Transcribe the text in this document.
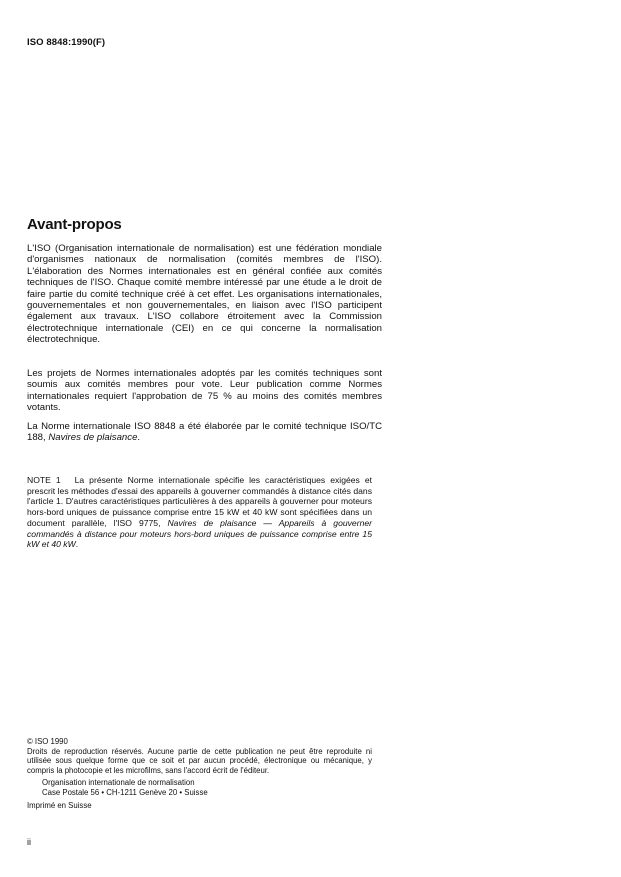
ISO 8848:1990(F)
Avant-propos

L'ISO (Organisation internationale de normalisation) est une fédération mondiale d'organismes nationaux de normalisation (comités membres de l'ISO). L'élaboration des Normes internationales est en général confiée aux comités techniques de l'ISO. Chaque comité membre intéressé par une étude a le droit de faire partie du comité technique créé à cet effet. Les organisations internationales, gouvernementales et non gouvernementales, en liaison avec l'ISO participent également aux travaux. L'ISO collabore étroitement avec la Commission électrotechnique internationale (CEI) en ce qui concerne la normalisation électrotechnique.

Les projets de Normes internationales adoptés par les comités techniques sont soumis aux comités membres pour vote. Leur publication comme Normes internationales requiert l'approbation de 75 % au moins des comités membres votants.

La Norme internationale ISO 8848 a été élaborée par le comité technique ISO/TC 188, Navires de plaisance.

NOTE 1 La présente Norme internationale spécifie les caractéristiques exigées et prescrit les méthodes d'essai des appareils à gouverner commandés à distance cités dans l'article 1. D'autres caractéristiques particulières à des appareils à gouverner pour moteurs hors-bord uniques de puissance comprise entre 15 kW et 40 kW sont spécifiées dans un document parallèle, l'ISO 9775, Navires de plaisance — Appareils à gouverner commandés à distance pour moteurs hors-bord uniques de puissance comprise entre 15 kW et 40 kW.

© ISO 1990
Droits de reproduction réservés. Aucune partie de cette publication ne peut être reproduite ni utilisée sous quelque forme que ce soit et par aucun procédé, électronique ou mécanique, y compris la photocopie et les microfilms, sans l'accord écrit de l'éditeur.
Organisation internationale de normalisation
Case Postale 56 • CH-1211 Genève 20 • Suisse
Imprimé en Suisse
ii
